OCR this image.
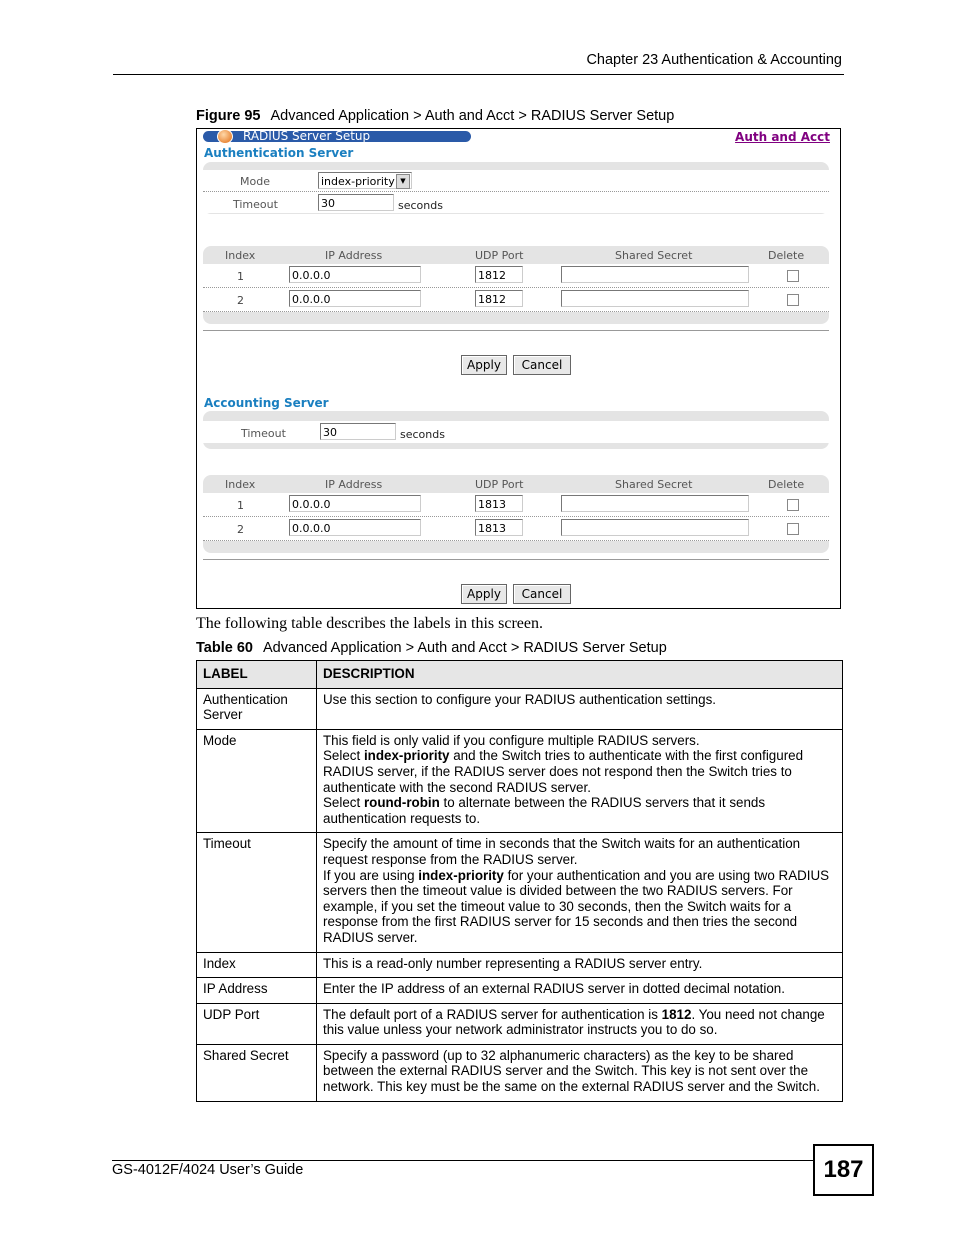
Chapter 23 Authentication & Accounting
Figure 95 Advanced Application > Auth and Acct > RADIUS Server Setup
RADIUS Server Setup	Auth and Acct
Authentication Server
Mode	index-priority ▼
Timeout	30	seconds
Index	IP Address	UDP Port	Shared Secret	Delete
1	0.0.0.0	1812
2	0.0.0.0	1812
Apply	Cancel
Accounting Server
Timeout	30	seconds
Index	IP Address	UDP Port	Shared Secret	Delete
1	0.0.0.0	1813
2	0.0.0.0	1813
Apply	Cancel
The following table describes the labels in this screen.
Table 60 Advanced Application > Auth and Acct > RADIUS Server Setup
LABEL	DESCRIPTION
Authentication Server	Use this section to configure your RADIUS authentication settings.

Mode	This field is only valid if you configure multiple RADIUS servers.
Select index-priority and the Switch tries to authenticate with the first configured RADIUS server, if the RADIUS server does not respond then the Switch tries to authenticate with the second RADIUS server.
Select round-robin to alternate between the RADIUS servers that it sends authentication requests to.

Timeout	Specify the amount of time in seconds that the Switch waits for an authentication request response from the RADIUS server.
If you are using index-priority for your authentication and you are using two RADIUS servers then the timeout value is divided between the two RADIUS servers. For example, if you set the timeout value to 30 seconds, then the Switch waits for a response from the first RADIUS server for 15 seconds and then tries the second RADIUS server.

Index	This is a read-only number representing a RADIUS server entry.

IP Address	Enter the IP address of an external RADIUS server in dotted decimal notation.

UDP Port	The default port of a RADIUS server for authentication is 1812. You need not change this value unless your network administrator instructs you to do so.

Shared Secret	Specify a password (up to 32 alphanumeric characters) as the key to be shared between the external RADIUS server and the Switch. This key is not sent over the network. This key must be the same on the external RADIUS server and the Switch.
GS-4012F/4024 User’s Guide	187
